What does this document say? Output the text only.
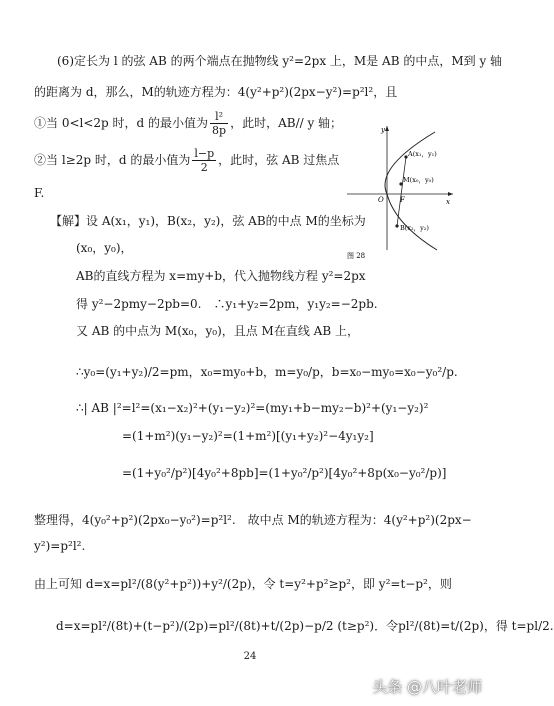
(6)定长为 l 的弦 AB 的两个端点在抛物线 y²=2px 上，M是 AB 的中点，M到 y 轴
的距离为 d，那么，M的轨迹方程为：4(y²+p²)(2px−y²)=p²l²，且
①当 0<l<2p 时，d 的最小值为 $\frac{\text{l²}}{8p}$ ，此时，AB// y 轴；
②当 l≥2p 时，d 的最小值为 $\frac{l-p}{2}$ ，此时，弦 AB 过焦点
F.
【解】设 A(x₁，y₁)，B(x₂，y₂)，弦 AB的中点 M的坐标为
(x₀，y₀)，
AB的直线方程为 x=my+b，代入抛物线方程 y²=2px
得 y²−2pmy−2pb=0.　∴y₁+y₂=2pm，y₁y₂=−2pb.
又 AB 的中点为 M(x₀，y₀)，且点 M在直线 AB 上，
∴y₀=(y₁+y₂)/2=pm，x₀=my₀+b，m=y₀/p，b=x₀−my₀=x₀−y₀²/p.
∴| AB |²=l²=(x₁−x₂)²+(y₁−y₂)²=(my₁+b−my₂−b)²+(y₁−y₂)²
=(1+m²)(y₁−y₂)²=(1+m²)[(y₁+y₂)²−4y₁y₂]
=(1+y₀²/p²)[4y₀²+8pb]=(1+y₀²/p²)[4y₀²+8p(x₀−y₀²/p)]
整理得，4(y₀²+p²)(2px₀−y₀²)=p²l².　故中点 M的轨迹方程为：4(y²+p²)(2px−
y²)=p²l².
由上可知 d=x=pl²/(8(y²+p²))+y²/(2p)，令 t=y²+p²≥p²，即 y²=t−p²，则
d=x=pl²/(8t)+(t−p²)/(2p)=pl²/(8t)+t/(2p)−p/2 (t≥p²)．令pl²/(8t)=t/(2p)，得 t=pl/2.
y
x
O F
A(x₁，y₁)
M(x₀，y₀)
B(x₂，y₂)
图 28
24
头条 @八叶老师
